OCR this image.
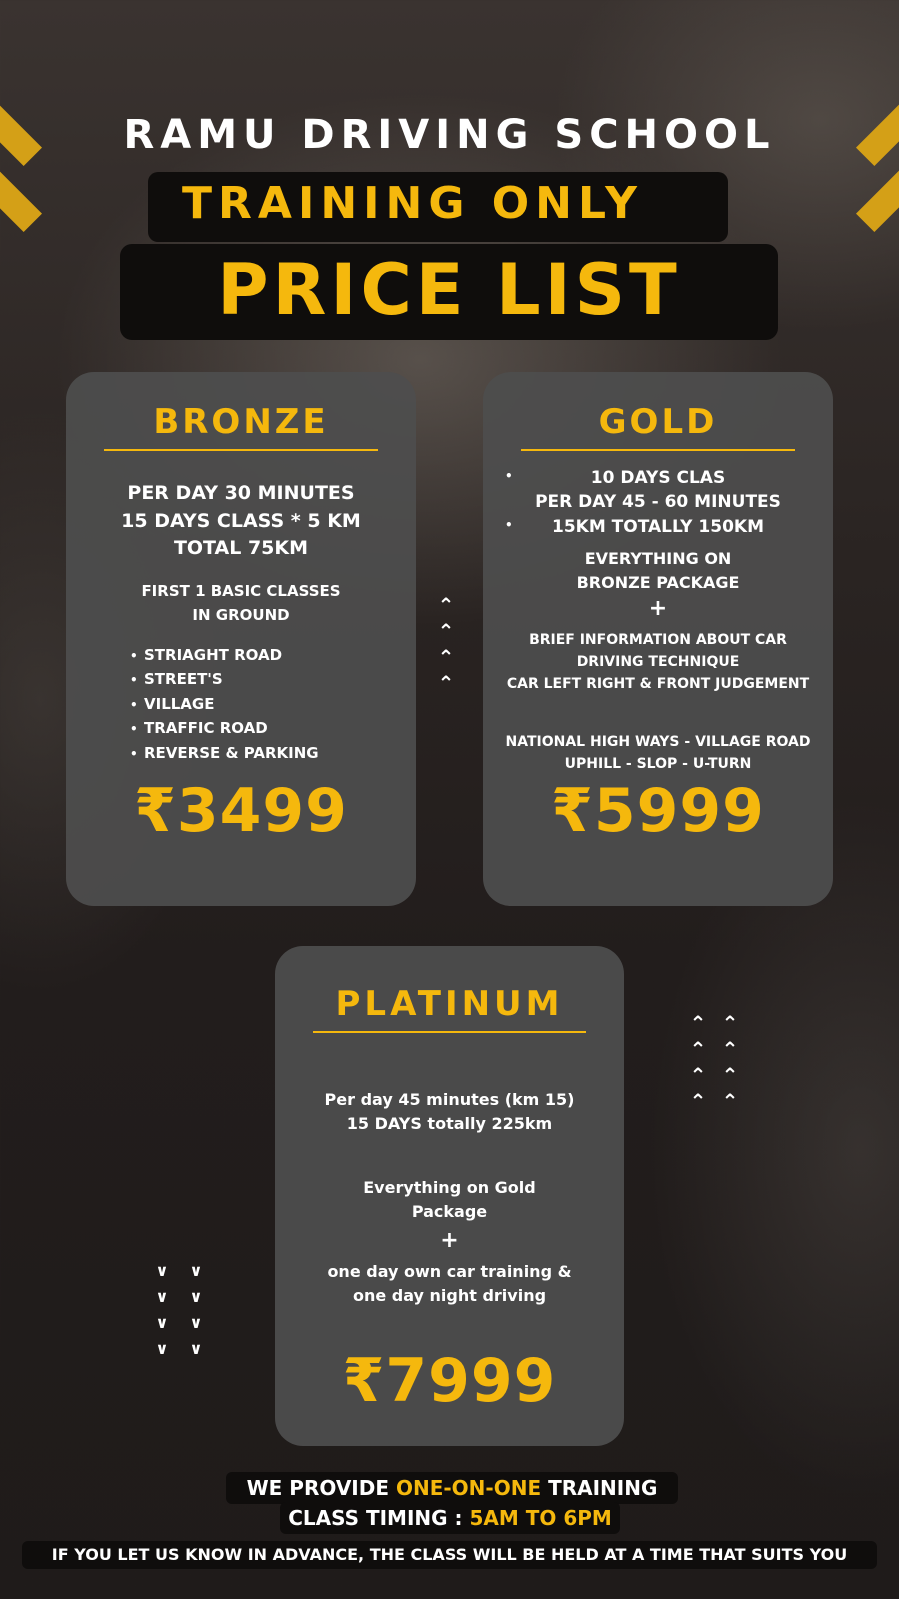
RAMU DRIVING SCHOOL
TRAINING ONLY
PRICE LIST
BRONZE
PER DAY 30 MINUTES
15 DAYS CLASS * 5 KM
TOTAL 75KM
FIRST 1 BASIC CLASSES
IN GROUND
• STRIAGHT ROAD
• STREET'S
• VILLAGE
• TRAFFIC ROAD
• REVERSE & PARKING
₹3499
⌃
⌃
⌃
⌃
GOLD
•	10 DAYS CLAS
PER DAY 45 - 60 MINUTES
•	15KM TOTALLY 150KM
EVERYTHING ON
BRONZE PACKAGE
+
BRIEF INFORMATION ABOUT CAR
DRIVING TECHNIQUE
CAR LEFT RIGHT & FRONT JUDGEMENT
NATIONAL HIGH WAYS - VILLAGE ROAD
UPHILL - SLOP - U-TURN
₹5999
PLATINUM
Per day 45 minutes (km 15)
15 DAYS totally 225km
Everything on Gold
Package
+
one day own car training &
one day night driving
₹7999
⌃
⌃
⌃
⌃
⌃
⌃
⌃
⌃
∨
∨
∨
∨
∨
∨
∨
∨
WE PROVIDE ONE-ON-ONE TRAINING
CLASS TIMING : 5AM TO 6PM
IF YOU LET US KNOW IN ADVANCE, THE CLASS WILL BE HELD AT A TIME THAT SUITS YOU
